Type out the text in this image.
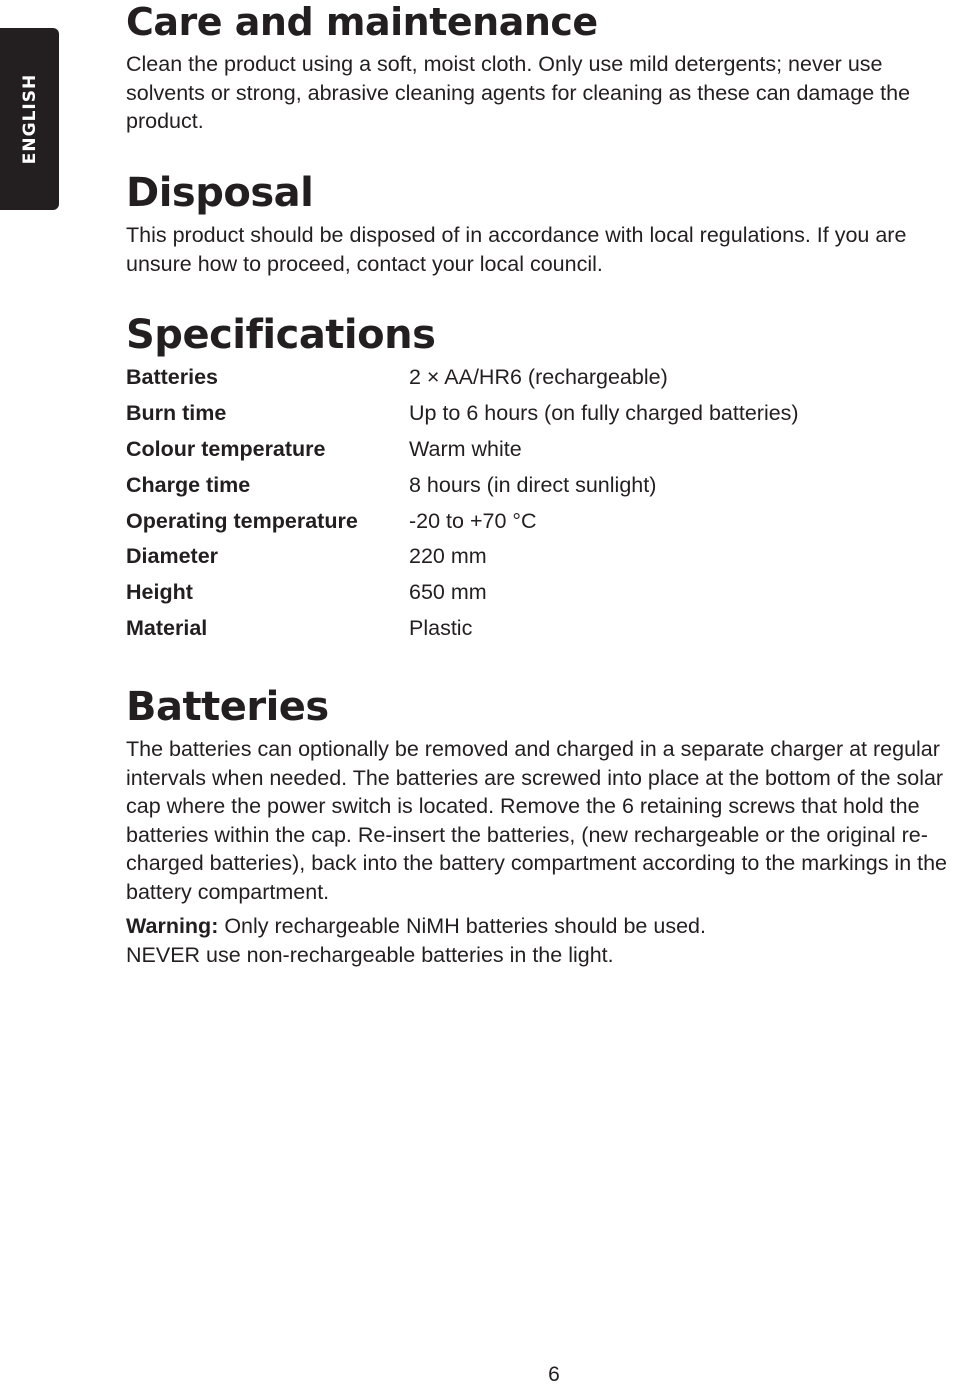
ENGLISH
Care and maintenance

Clean the product using a soft, moist cloth. Only use mild detergents; never use solvents or strong, abrasive cleaning agents for cleaning as these can damage the product.

Disposal

This product should be disposed of in accordance with local regulations. If you are unsure how to proceed, contact your local council.

Specifications
Batteries	2 × AA/HR6 (rechargeable)
Burn time	Up to 6 hours (on fully charged batteries)
Colour temperature	Warm white
Charge time	8 hours (in direct sunlight)
Operating temperature	-20 to +70 °C
Diameter	220 mm
Height	650 mm
Material	Plastic
Batteries

The batteries can optionally be removed and charged in a separate charger at regular intervals when needed. The batteries are screwed into place at the bottom of the solar cap where the power switch is located. Remove the 6 retaining screws that hold the batteries within the cap. Re-insert the batteries, (new rechargeable or the original re-charged batteries), back into the battery compartment according to the markings in the battery compartment.

Warning: Only rechargeable NiMH batteries should be used.
NEVER use non-rechargeable batteries in the light.
6
